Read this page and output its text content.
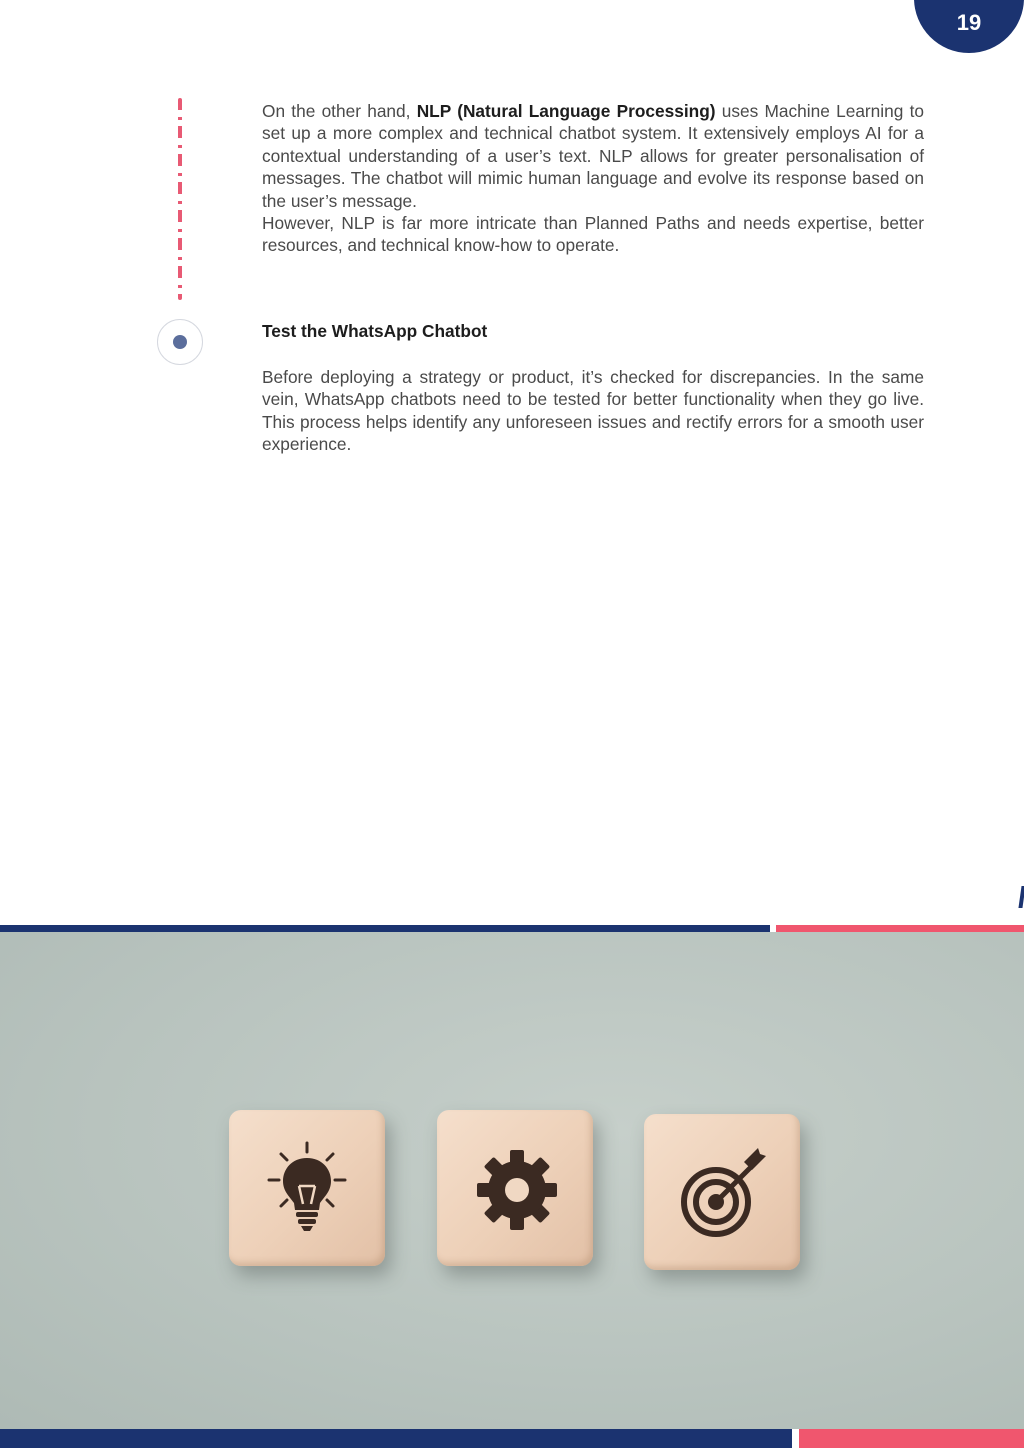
19

On the other hand, NLP (Natural Language Processing) uses Machine Learning to set up a more complex and technical chatbot system. It extensively employs AI for a contextual understanding of a user’s text. NLP allows for greater personalisation of messages. The chatbot will mimic human language and evolve its response based on the user’s message.

However, NLP is far more intricate than Planned Paths and needs expertise, better resources, and technical know-how to operate.

Test the WhatsApp Chatbot

Before deploying a strategy or product, it’s checked for discrepancies. In the same vein, WhatsApp chatbots need to be tested for better functionality when they go live. This process helps identify any unforeseen issues and rectify errors for a smooth user experience.
